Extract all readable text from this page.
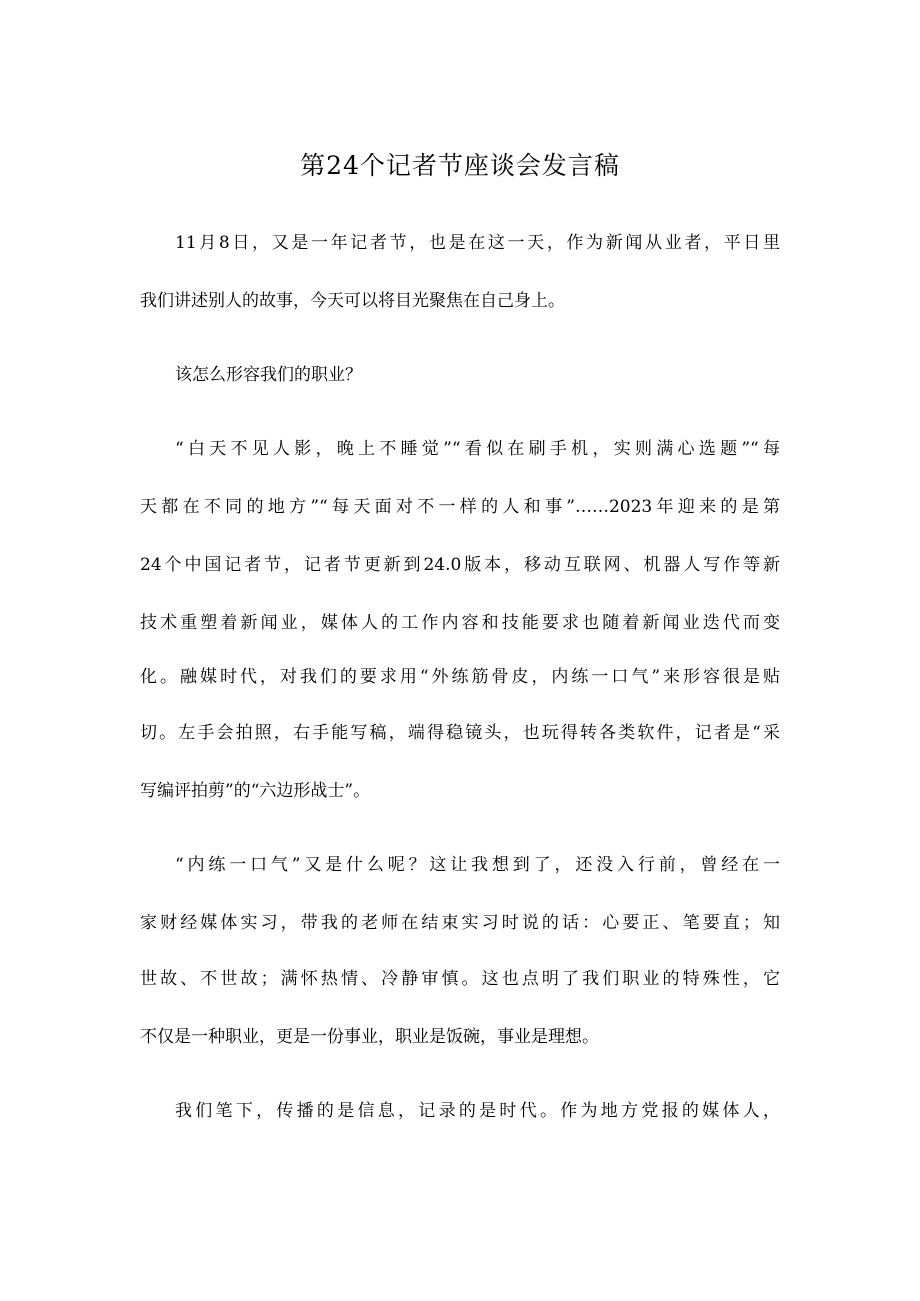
第24个记者节座谈会发言稿
11月8日，又是一年记者节，也是在这一天，作为新闻从业者，平日里
我们讲述别人的故事，今天可以将目光聚焦在自己身上。
该怎么形容我们的职业？
“白天不见人影，晚上不睡觉”“看似在刷手机，实则满心选题”“每
天都在不同的地方”“每天面对不一样的人和事”……2023年迎来的是第
24个中国记者节，记者节更新到24.0版本，移动互联网、机器人写作等新
技术重塑着新闻业，媒体人的工作内容和技能要求也随着新闻业迭代而变
化。融媒时代，对我们的要求用“外练筋骨皮，内练一口气”来形容很是贴
切。左手会拍照，右手能写稿，端得稳镜头，也玩得转各类软件，记者是“采
写编评拍剪”的“六边形战士”。
“内练一口气”又是什么呢？这让我想到了，还没入行前，曾经在一
家财经媒体实习，带我的老师在结束实习时说的话：心要正、笔要直；知
世故、不世故；满怀热情、冷静审慎。这也点明了我们职业的特殊性，它
不仅是一种职业，更是一份事业，职业是饭碗，事业是理想。
我们笔下，传播的是信息，记录的是时代。作为地方党报的媒体人，
